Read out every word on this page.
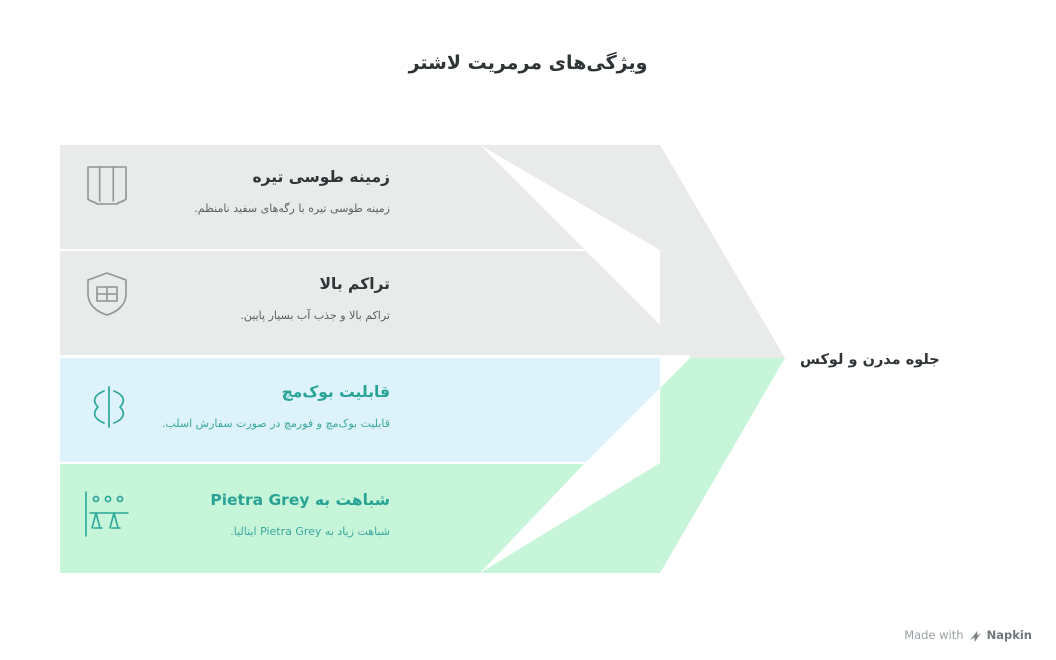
ویژگی‌های مرمریت لاشتر
زمینه طوسی تیره
زمینه طوسی تیره با رگه‌های سفید نامنظم.
تراکم بالا
تراکم بالا و جذب آب بسیار پایین.
قابلیت بوک‌مچ
قابلیت بوک‌مچ و فورمچ در صورت سفارش اسلب.
شباهت به Pietra Grey
شباهت زیاد به Pietra Grey ایتالیا.
جلوه مدرن و لوکس
Made with Napkin
